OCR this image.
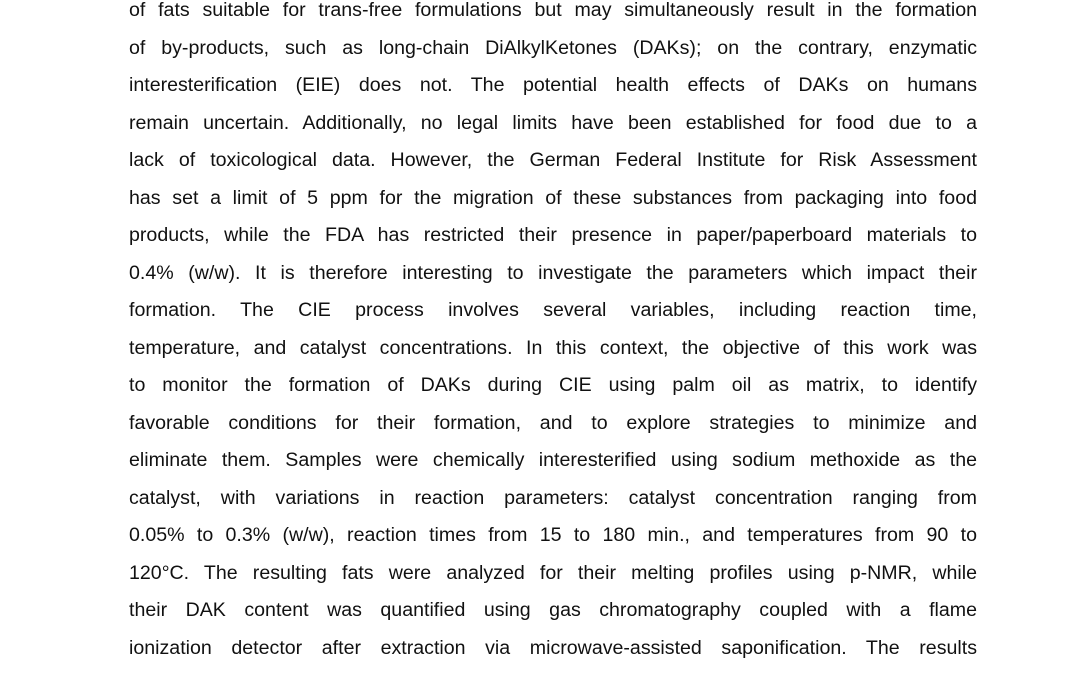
of fats suitable for trans-free formulations but may simultaneously result in the formation
of by-products, such as long-chain DiAlkylKetones (DAKs); on the contrary, enzymatic
interesterification (EIE) does not. The potential health effects of DAKs on humans
remain uncertain. Additionally, no legal limits have been established for food due to a
lack of toxicological data. However, the German Federal Institute for Risk Assessment
has set a limit of 5 ppm for the migration of these substances from packaging into food
products, while the FDA has restricted their presence in paper/paperboard materials to
0.4% (w/w). It is therefore interesting to investigate the parameters which impact their
formation. The CIE process involves several variables, including reaction time,
temperature, and catalyst concentrations. In this context, the objective of this work was
to monitor the formation of DAKs during CIE using palm oil as matrix, to identify
favorable conditions for their formation, and to explore strategies to minimize and
eliminate them. Samples were chemically interesterified using sodium methoxide as the
catalyst, with variations in reaction parameters: catalyst concentration ranging from
0.05% to 0.3% (w/w), reaction times from 15 to 180 min., and temperatures from 90 to
120°C. The resulting fats were analyzed for their melting profiles using p-NMR, while
their DAK content was quantified using gas chromatography coupled with a flame
ionization detector after extraction via microwave-assisted saponification. The results
